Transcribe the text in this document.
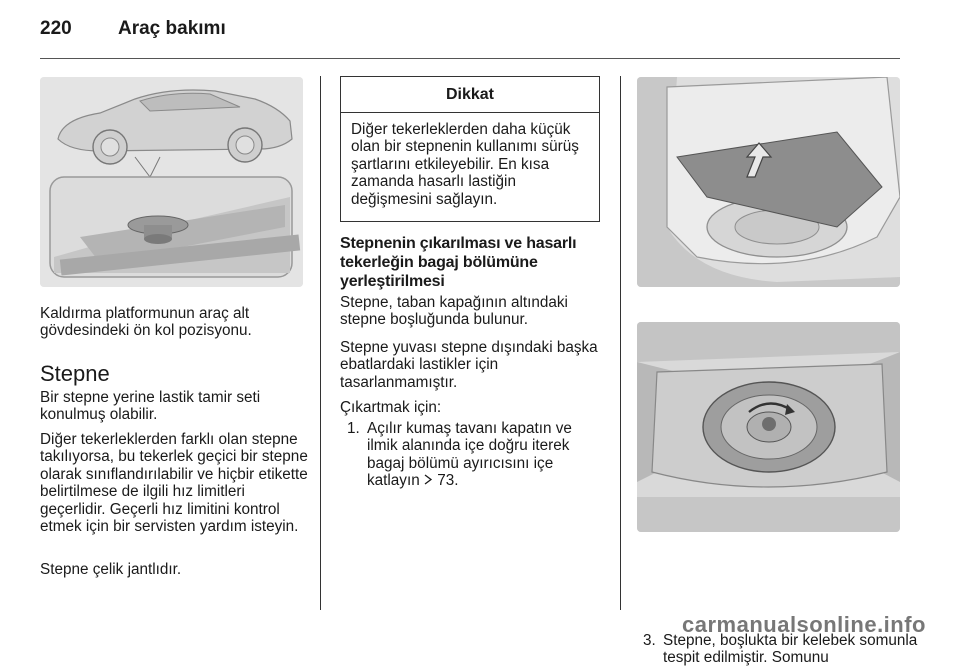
220 Araç bakımı

Kaldırma platformunun araç alt gövdesindeki ön kol pozisyonu.

Stepne

Bir stepne yerine lastik tamir seti konulmuş olabilir.

Diğer tekerleklerden farklı olan stepne takılıyorsa, bu tekerlek geçici bir stepne olarak sınıflandırılabilir ve hiçbir etikette belirtilmese de ilgili hız limitleri geçerlidir. Geçerli hız limitini kontrol etmek için bir servisten yardım isteyin.

Stepne çelik jantlıdır.

Dikkat
Diğer tekerleklerden daha küçük olan bir stepnenin kullanımı sürüş şartlarını etkileyebilir. En kısa zamanda hasarlı lastiğin değişmesini sağlayın.
Stepnenin çıkarılması ve hasarlı tekerleğin bagaj bölümüne yerleştirilmesi

Stepne, taban kapağının altındaki stepne boşluğunda bulunur.

Stepne yuvası stepne dışındaki başka ebatlardaki lastikler için tasarlanmamıştır.

Çıkartmak için:

1. Açılır kumaş tavanı kapatın ve ilmik alanında içe doğru iterek bagaj bölümü ayırıcısını içe katlayın 73.
3. Stepne, boşlukta bir kelebek somunla tespit edilmiştir. Somunu
carmanualsonline.info
